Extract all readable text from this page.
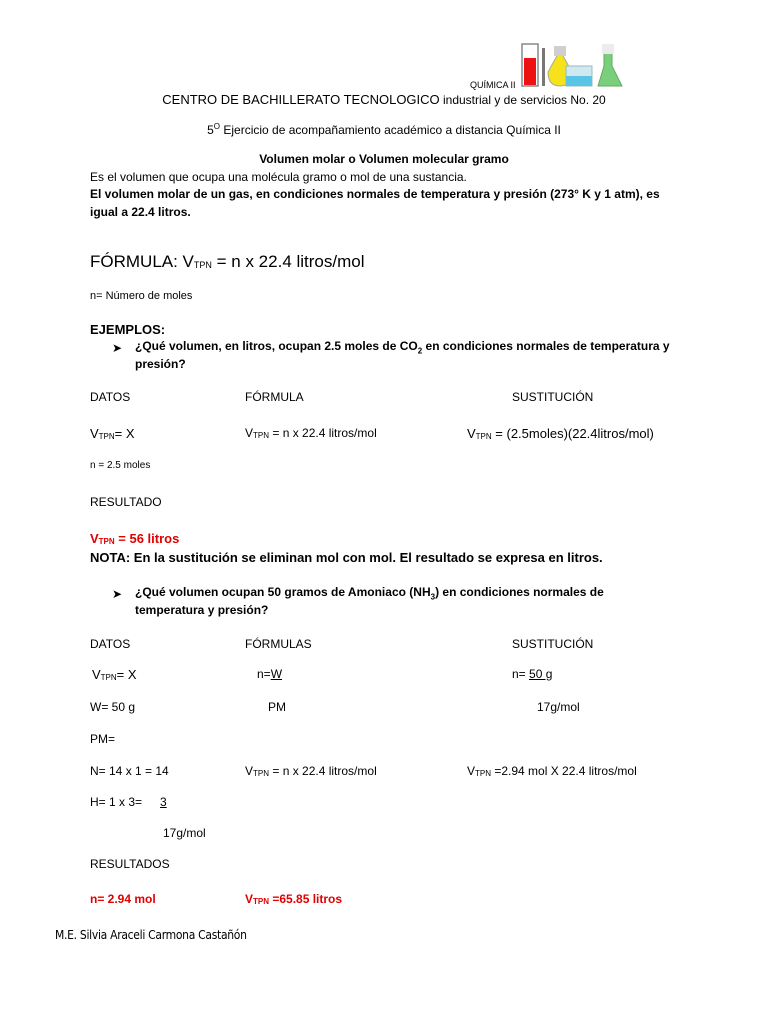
QUÍMICA II
CENTRO DE BACHILLERATO TECNOLOGICO industrial y de servicios No. 20
$5^O$ Ejercicio de acompañamiento académico a distancia Química II
Volumen molar o Volumen molecular gramo
Es el volumen que ocupa una molécula gramo o mol de una sustancia.
El volumen molar de un gas, en condiciones normales de temperatura y presión (273° K y 1 atm), es
igual a 22.4 litros.
FÓRMULA: $V_{TPN} = n$ x 22.4 litros/mol
n= Número de moles
EJEMPLOS:
➤ ¿Qué volumen, en litros, ocupan 2.5 moles de $CO_2$ en condiciones normales de temperatura y
presión?
DATOS	FÓRMULA	SUSTITUCIÓN
$V_{TPN}= X$	$V_{TPN} = n$ x 22.4 litros/mol	$V_{TPN}$ = (2.5moles)(22.4litros/mol)
n = 2.5 moles
RESULTADO
$V_{TPN} = 56$ litros
NOTA: En la sustitución se eliminan mol con mol. El resultado se expresa en litros.
➤ ¿Qué volumen ocupan 50 gramos de Amoniaco $(NH_3)$ en condiciones normales de
temperatura y presión?
DATOS	FÓRMULAS	SUSTITUCIÓN
$V_{TPN}= X$	n=W	n= 50 g
W= 50 g	PM	17g/mol
PM=
N= 14 x 1 = 14	$V_{TPN} = n$ x 22.4 litros/mol	$V_{TPN} =2.94$ mol X 22.4 litros/mol
H= 1 x 3= 3
17g/mol
RESULTADOS
n= 2.94 mol	$V_{TPN} =65.85$ litros
M.E. Silvia Araceli Carmona Castañón
